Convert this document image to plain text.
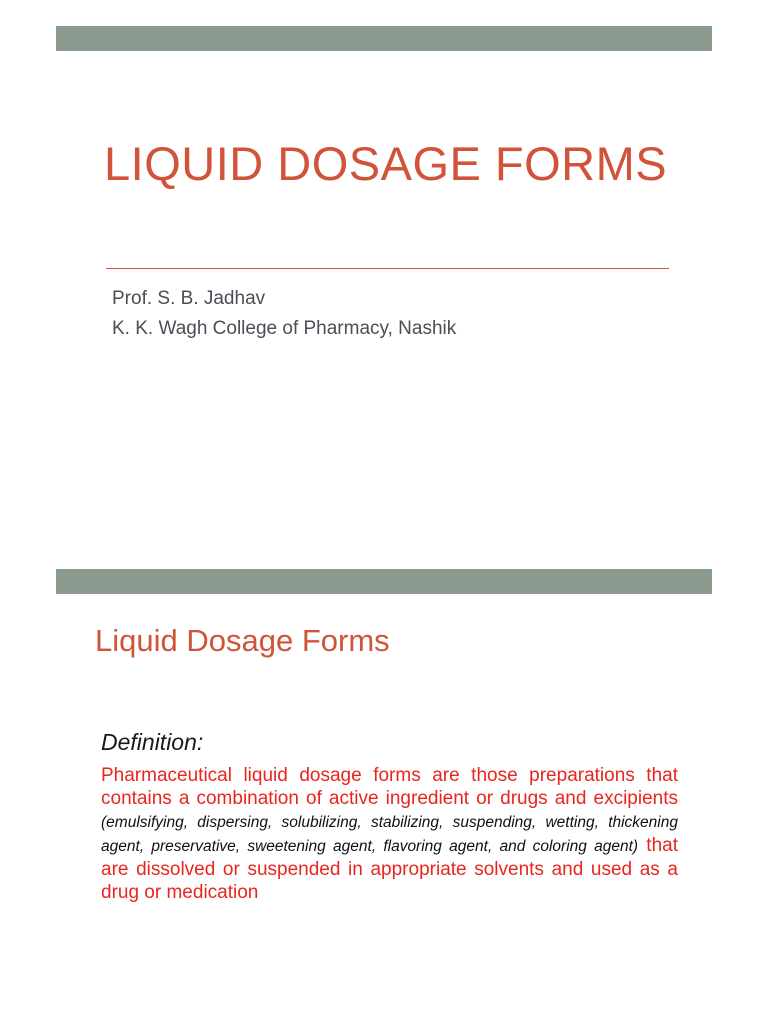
LIQUID DOSAGE FORMS

Prof. S. B. Jadhav
K. K. Wagh College of Pharmacy, Nashik

Liquid Dosage Forms

Definition:

Pharmaceutical liquid dosage forms are those preparations that contains a combination of active ingredient or drugs and excipients (emulsifying, dispersing, solubilizing, stabilizing, suspending, wetting, thickening agent, preservative, sweetening agent, flavoring agent, and coloring agent) that are dissolved or suspended in appropriate solvents and used as a drug or medication
